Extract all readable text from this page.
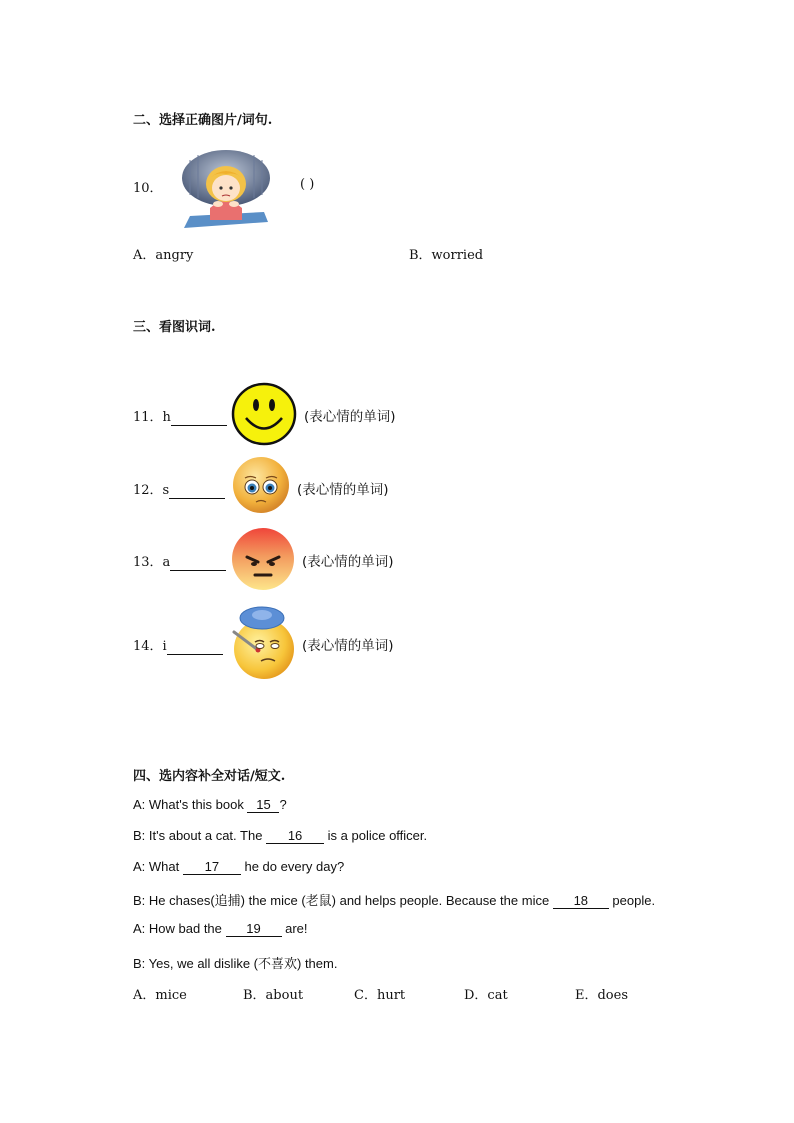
二、选择正确图片/词句.
10．	( )
A．angry	B．worried
三、看图识词.
11．h	(表心情的单词)
12．s	(表心情的单词)
13．a	(表心情的单词)
14．i	(表心情的单词)
四、选内容补全对话/短文.
A: What's this book 15 ?
B: It's about a cat. The 16 is a police officer.
A: What 17 he do every day?
B: He chases(追捕) the mice (老鼠) and helps people. Because the mice 18 people.
A: How bad the 19 are!
B: Yes, we all dislike (不喜欢) them.
A．mice	B．about	C．hurt	D．cat	E．does
